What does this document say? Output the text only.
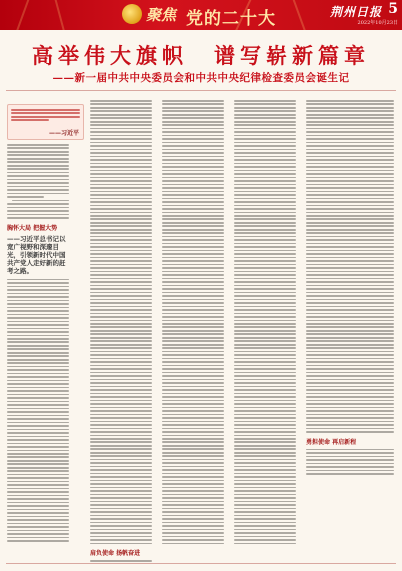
聚焦 党的二十大	荆州日报 5
2022年10月23日
高举伟大旗帜　谱写崭新篇章
——新一届中共中央委员会和中共中央纪律检查委员会诞生记
——习近平
胸怀大局 把握大势
——习近平总书记以宽广视野和深邃目光，引领新时代中国共产党人走好新的赶考之路。
肩负使命 扬帆奋进
勇担使命 再启新程
